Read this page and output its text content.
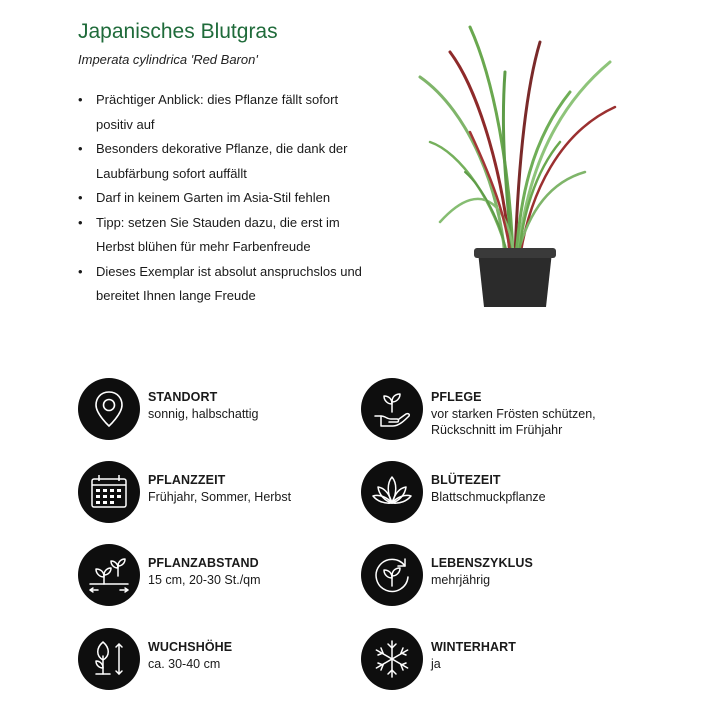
Japanisches Blutgras
Imperata cylindrica 'Red Baron'
• Prächtiger Anblick: dies Pflanze fällt sofort positiv auf
• Besonders dekorative Pflanze, die dank der Laubfärbung sofort auffällt
• Darf in keinem Garten im Asia-Stil fehlen
• Tipp: setzen Sie Stauden dazu, die erst im Herbst blühen für mehr Farbenfreude
• Dieses Exemplar ist absolut anspruchslos und bereitet Ihnen lange Freude
STANDORT
sonnig, halbschattig
PFLEGE
vor starken Frösten schützen,
Rückschnitt im Frühjahr
PFLANZZEIT
Frühjahr, Sommer, Herbst
BLÜTEZEIT
Blattschmuckpflanze
PFLANZABSTAND
15 cm, 20-30 St./qm
LEBENSZYKLUS
mehrjährig
WUCHSHÖHE
ca. 30-40 cm
WINTERHART
ja
